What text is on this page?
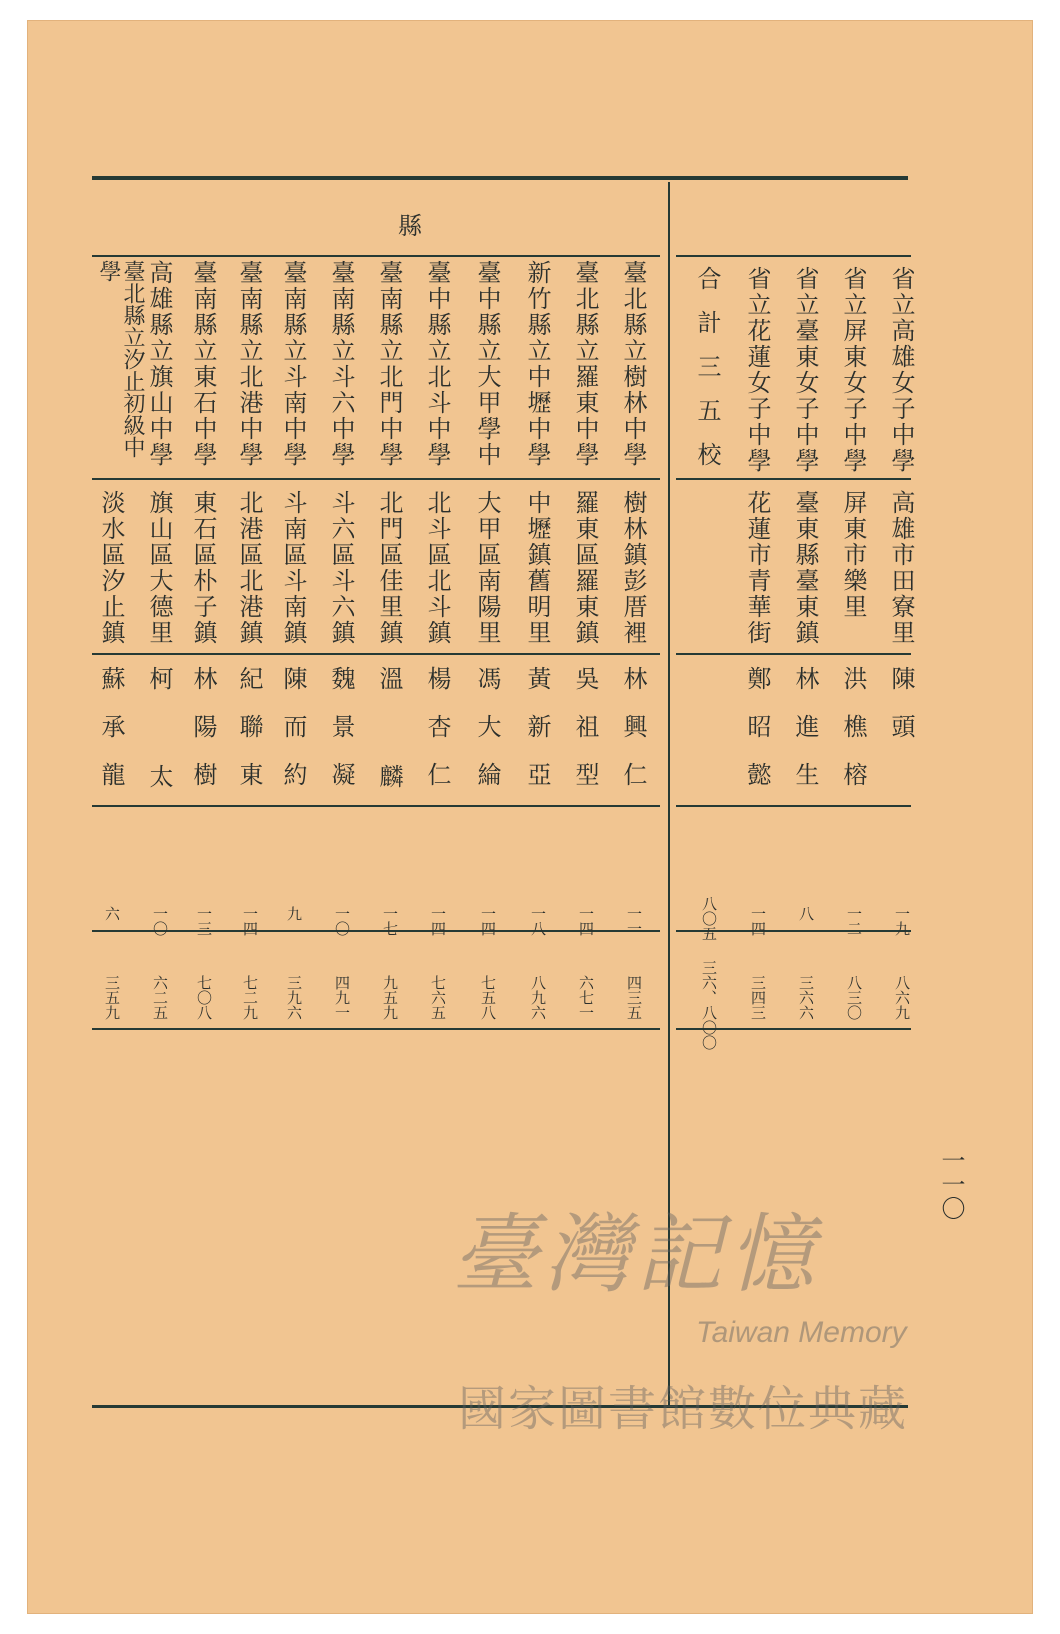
縣
一一〇
省立高雄女子中學
高雄市田寮里
陳頭
一九
八六九
省立屏東女子中學
屏東市樂里
洪樵榕
一二
八三〇
省立臺東女子中學
臺東縣臺東鎮
林進生
八
三六六
省立花蓮女子中學
花蓮市青華街
鄭昭懿
一四
三四三
合計三五校
八〇五
三六、八〇〇
臺北縣立樹林中學
樹林鎮彭厝裡
林興仁
一一
四三五
臺北縣立羅東中學
羅東區羅東鎮
吳祖型
一四
六七一
新竹縣立中壢中學
中壢鎮舊明里
黃新亞
一八
八九六
臺中縣立大甲學中
大甲區南陽里
馮大綸
一四
七五八
臺中縣立北斗中學
北斗區北斗鎮
楊杏仁
一四
七六五
臺南縣立北門中學
北門區佳里鎮
溫麟
一七
九五九
臺南縣立斗六中學
斗六區斗六鎮
魏景凝
一〇
四九一
臺南縣立斗南中學
斗南區斗南鎮
陳而約
九
三九六
臺南縣立北港中學
北港區北港鎮
紀聯東
一四
七二九
臺南縣立東石中學
東石區朴子鎮
林陽樹
一三
七〇八
高雄縣立旗山中學
旗山區大德里
柯太
一〇
六二五
臺北縣立汐止初級中學
淡水區汐止鎮
蘇承龍
六
三五九
臺灣記憶
Taiwan Memory
國家圖書館數位典藏
